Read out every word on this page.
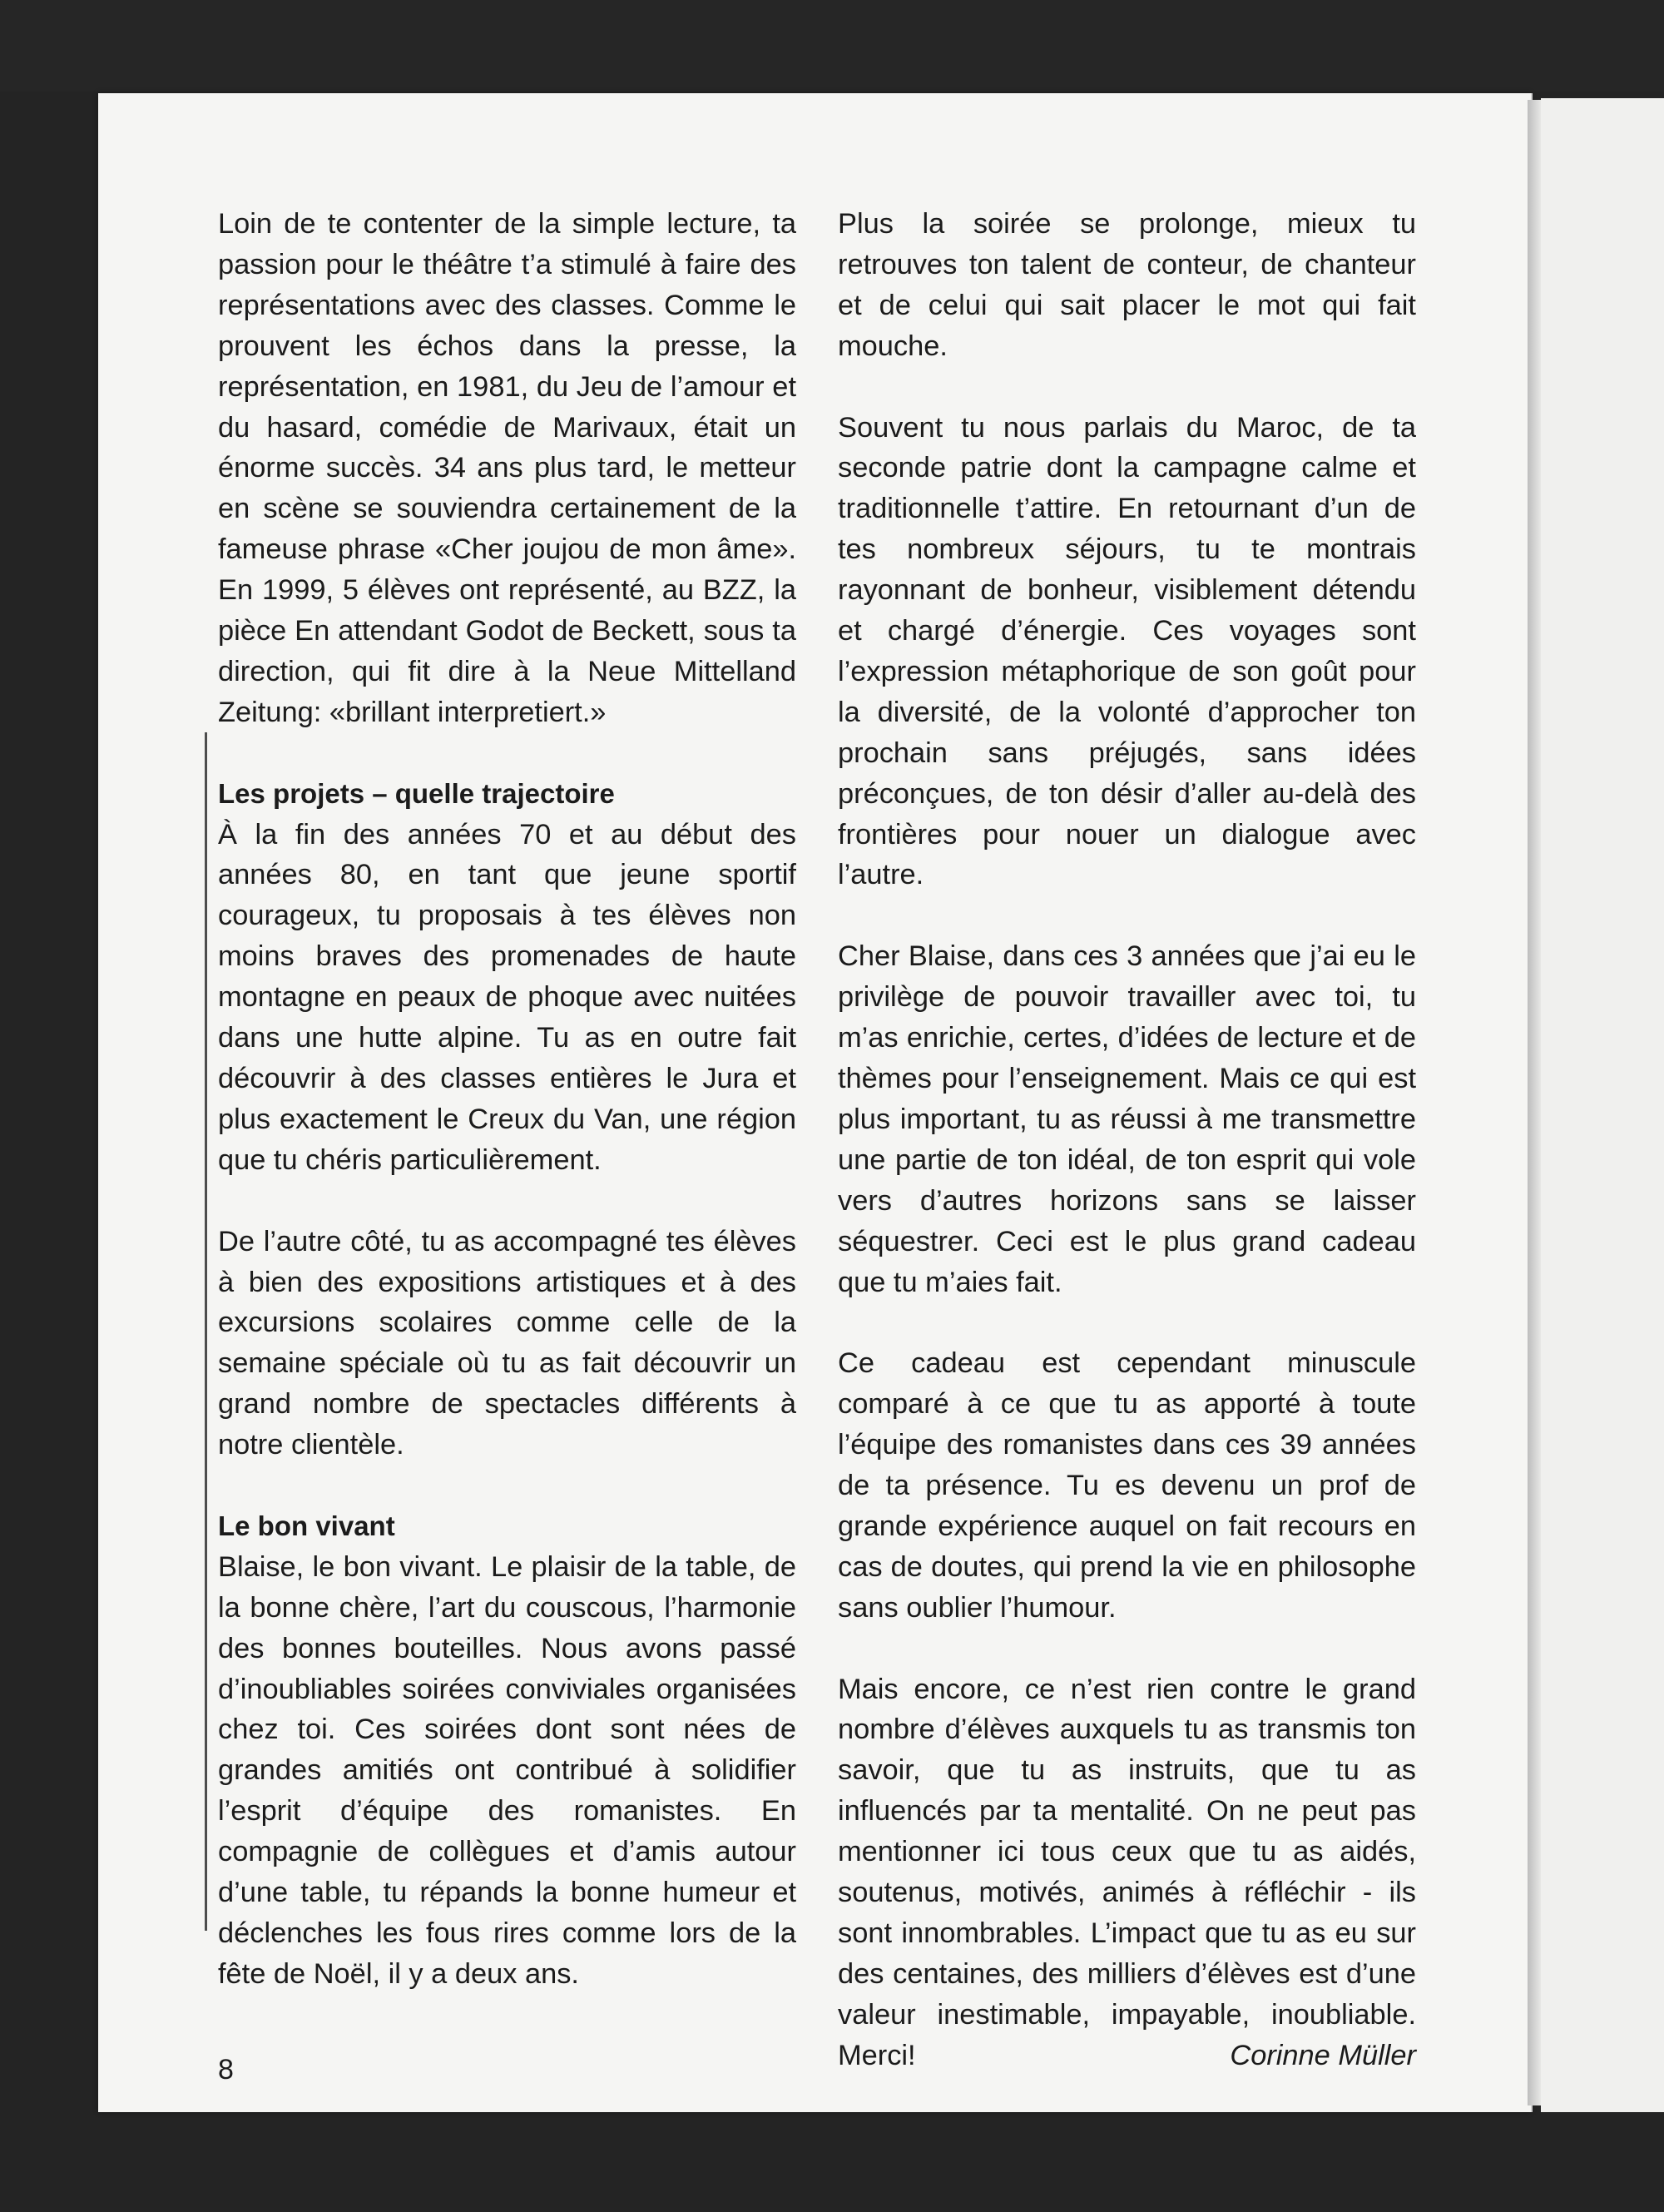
Loin de te contenter de la simple lecture, ta passion pour le théâtre t’a stimulé à faire des représentations avec des classes. Comme le prouvent les échos dans la presse, la représentation, en 1981, du Jeu de l’amour et du hasard, comédie de Marivaux, était un énorme succès. 34 ans plus tard, le metteur en scène se souviendra certainement de la fameuse phrase «Cher joujou de mon âme». En 1999, 5 élèves ont représenté, au BZZ, la pièce En attendant Godot de Beckett, sous ta direction, qui fit dire à la Neue Mittelland Zeitung: «brillant interpretiert.»

Les projets – quelle trajectoire

À la fin des années 70 et au début des années 80, en tant que jeune sportif courageux, tu proposais à tes élèves non moins braves des promenades de haute montagne en peaux de phoque avec nuitées dans une hutte alpine. Tu as en outre fait découvrir à des classes entières le Jura et plus exactement le Creux du Van, une région que tu chéris particulièrement.

De l’autre côté, tu as accompagné tes élèves à bien des expositions artistiques et à des excursions scolaires comme celle de la semaine spéciale où tu as fait découvrir un grand nombre de spectacles différents à notre clientèle.

Le bon vivant

Blaise, le bon vivant. Le plaisir de la table, de la bonne chère, l’art du couscous, l’harmonie des bonnes bouteilles. Nous avons passé d’inoubliables soirées conviviales organisées chez toi. Ces soirées dont sont nées de grandes amitiés ont contribué à solidifier l’esprit d’équipe des romanistes. En compagnie de collègues et d’amis autour d’une table, tu répands la bonne humeur et déclenches les fous rires comme lors de la fête de Noël, il y a deux ans.

Plus la soirée se prolonge, mieux tu retrouves ton talent de conteur, de chanteur et de celui qui sait placer le mot qui fait mouche.

Souvent tu nous parlais du Maroc, de ta seconde patrie dont la campagne calme et traditionnelle t’attire. En retournant d’un de tes nombreux séjours, tu te montrais rayonnant de bonheur, visiblement détendu et chargé d’énergie. Ces voyages sont l’expression métaphorique de son goût pour la diversité, de la volonté d’approcher ton prochain sans préjugés, sans idées préconçues, de ton désir d’aller au-delà des frontières pour nouer un dialogue avec l’autre.

Cher Blaise, dans ces 3 années que j’ai eu le privilège de pouvoir travailler avec toi, tu m’as enrichie, certes, d’idées de lecture et de thèmes pour l’enseignement. Mais ce qui est plus important, tu as réussi à me transmettre une partie de ton idéal, de ton esprit qui vole vers d’autres horizons sans se laisser séquestrer. Ceci est le plus grand cadeau que tu m’aies fait.

Ce cadeau est cependant minuscule comparé à ce que tu as apporté à toute l’équipe des romanistes dans ces 39 années de ta présence. Tu es devenu un prof de grande expérience auquel on fait recours en cas de doutes, qui prend la vie en philosophe sans oublier l’humour.

Mais encore, ce n’est rien contre le grand nombre d’élèves auxquels tu as transmis ton savoir, que tu as instruits, que tu as influencés par ta mentalité. On ne peut pas mentionner ici tous ceux que tu as aidés, soutenus, motivés, animés à réfléchir - ils sont innombrables. L’impact que tu as eu sur des centaines, des milliers d’élèves est d’une valeur inestimable, impayable, inoubliable. Merci!	Corinne Müller

8
